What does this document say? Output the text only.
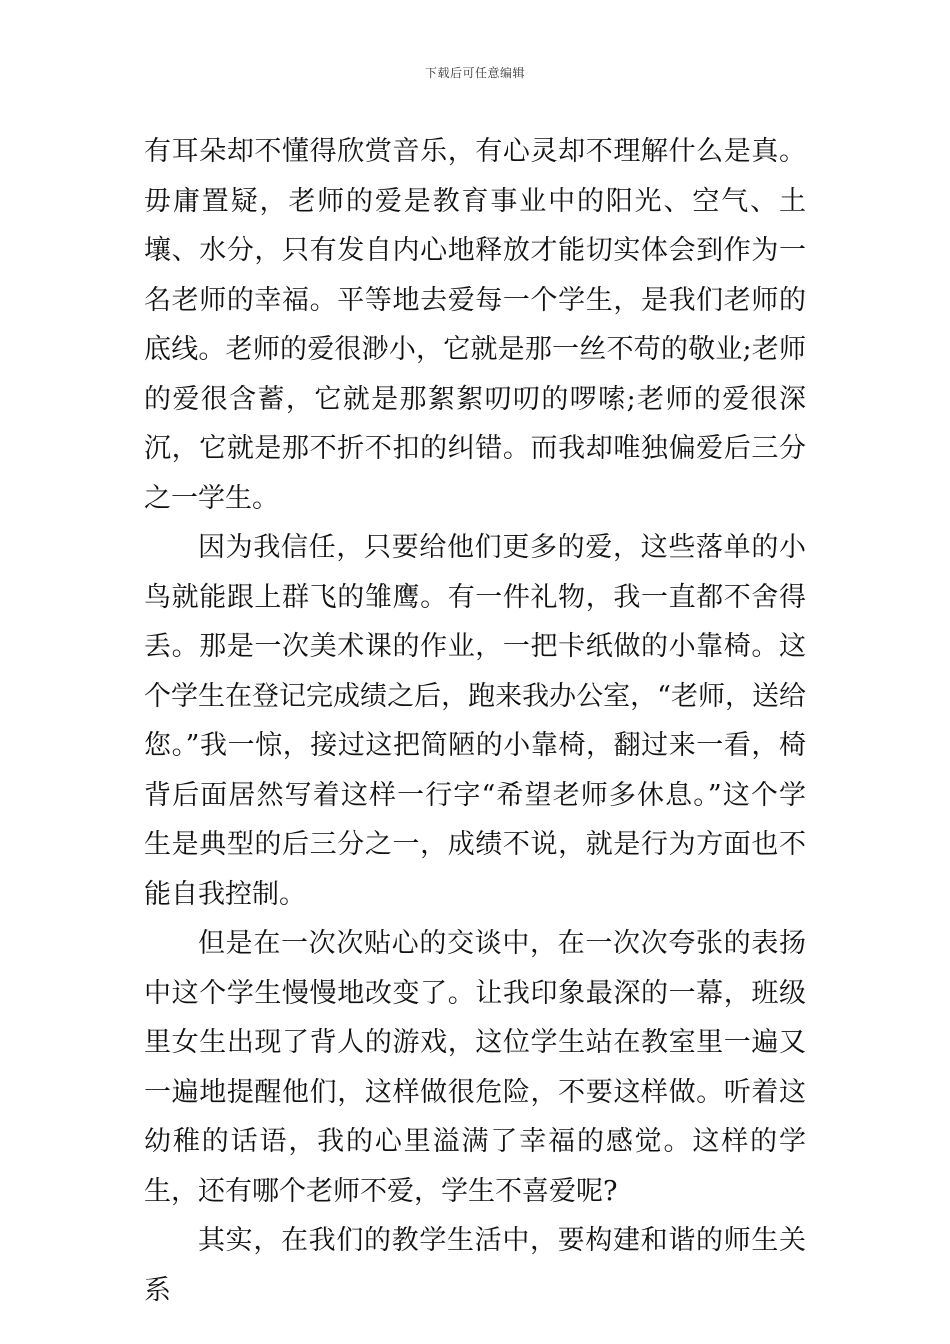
下载后可任意编辑

有耳朵却不懂得欣赏音乐，有心灵却不理解什么是真。毋庸置疑，老师的爱是教育事业中的阳光、空气、土壤、水分，只有发自内心地释放才能切实体会到作为一名老师的幸福。平等地去爱每一个学生，是我们老师的底线。老师的爱很渺小，它就是那一丝不苟的敬业;老师的爱很含蓄，它就是那絮絮叨叨的啰嗦;老师的爱很深沉，它就是那不折不扣的纠错。而我却唯独偏爱后三分之一学生。

因为我信任，只要给他们更多的爱，这些落单的小鸟就能跟上群飞的雏鹰。有一件礼物，我一直都不舍得丢。那是一次美术课的作业，一把卡纸做的小靠椅。这个学生在登记完成绩之后，跑来我办公室，“老师，送给您。”我一惊，接过这把简陋的小靠椅，翻过来一看，椅背后面居然写着这样一行字“希望老师多休息。”这个学生是典型的后三分之一，成绩不说，就是行为方面也不能自我控制。

但是在一次次贴心的交谈中，在一次次夸张的表扬中这个学生慢慢地改变了。让我印象最深的一幕，班级里女生出现了背人的游戏，这位学生站在教室里一遍又一遍地提醒他们，这样做很危险，不要这样做。听着这幼稚的话语，我的心里溢满了幸福的感觉。这样的学生，还有哪个老师不爱，学生不喜爱呢?

其实，在我们的教学生活中，要构建和谐的师生关系
